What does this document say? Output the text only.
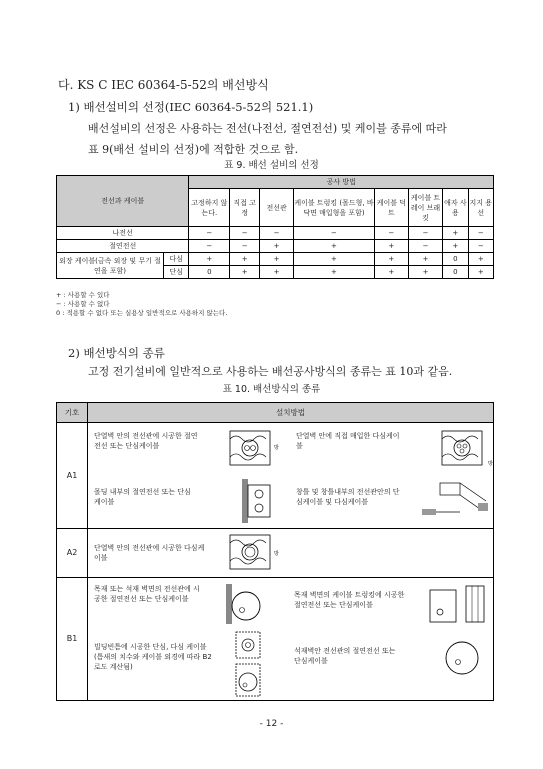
다. KS C IEC 60364-5-52의 배선방식
1) 배선설비의 선정(IEC 60364-5-52의 521.1)
배선설비의 선정은 사용하는 전선(나전선, 절연전선) 및 케이블 종류에 따라
표 9(배선 설비의 선정)에 적합한 것으로 함.
표 9. 배선 설비의 선정
전선과 케이블		공사 방법							
		고정하지 않는다.	직접 고정	전선관	케이블 트렁킹 (몰드형, 바닥면 매입형을 포함)	케이블 덕트	케이블 트레이 브래킷	애자 사용	지지 용선
나전선		−	−	−	−	−	−	+	−
절연전선		−	−	+	+	+	−	+	−
외장 케이블(금속 외장 및 무기 절연을 포함)	다심	+	+	+	+	+	+	0	+
	단심	0	+	+	+	+	+	0	+
+ : 사용할 수 있다
− : 사용할 수 없다
0 : 적용할 수 없다 또는 실용상 일반적으로 사용하지 않는다.
2) 배선방식의 종류
고정 전기설비에 일반적으로 사용하는 배선공사방식의 종류는 표 10과 같음.
표 10. 배선방식의 종류
기호	설치방법	
A1	단열벽 안의 전선관에 시공한 절연전선 또는 단심케이블 방	단열벽 안에 직접 매입한 다심케이블
방

	몰딩 내부의 절연전선 또는 단심케이블	창틀 및 창틀내부의 전선관안의 단심케이블 및 다심케이블

A2	단열벽 안의 전선관에 시공한 다심케이블 방	

B1	목재 또는 석재 벽면의 전선관에 시공한 절연전선 또는 단심케이블	목재 벽면의 케이블 트렁킹에 시공한 절연전선 또는 단심케이블

	빌딩빈틈에 시공한 단심, 다심 케이블(틈새의 치수와 케이블 외경에 따라 B2로도 계산됨)	석재벽안 전선관의 절연전선 또는 단심케이블
- 12 -
